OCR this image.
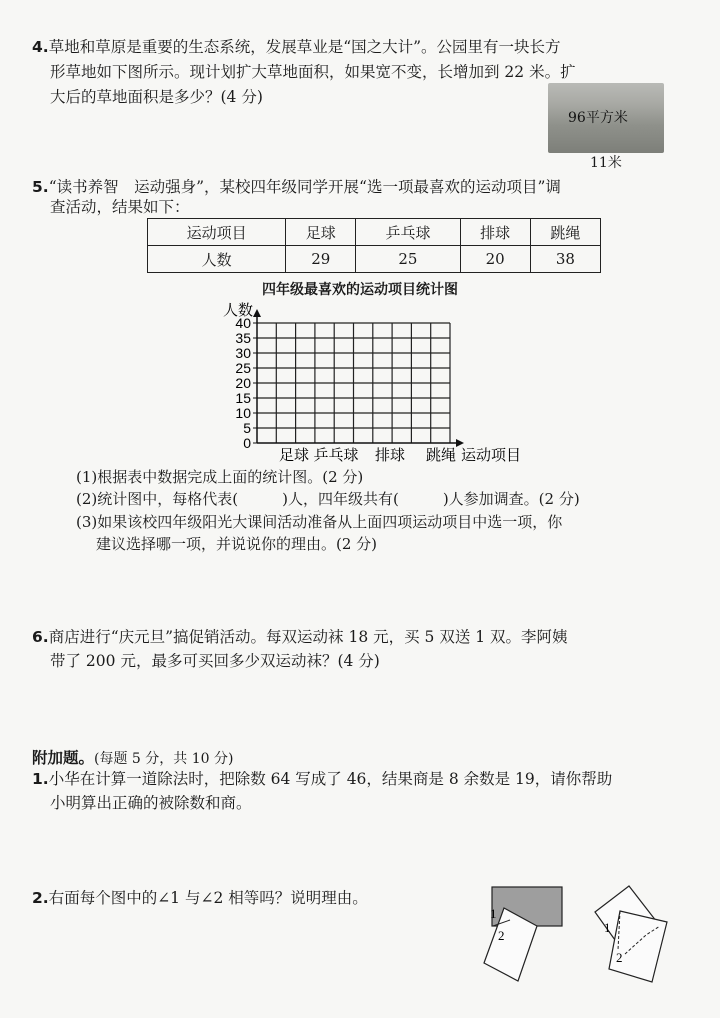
4.草地和草原是重要的生态系统，发展草业是“国之大计”。公园里有一块长方
形草地如下图所示。现计划扩大草地面积，如果宽不变，长增加到 22 米。扩
大后的草地面积是多少？(4 分)
96平方米
11米
5.“读书养智　运动强身”，某校四年级同学开展“选一项最喜欢的运动项目”调
查活动，结果如下：
运动项目	足球	乒乓球	排球	跳绳
人数	29	25	20	38
四年级最喜欢的运动项目统计图
0
5
10
15
20
25
30
35
40
人数
足球 乒乓球 排球 跳绳 运动项目
(1)根据表中数据完成上面的统计图。(2 分)
(2)统计图中，每格代表(	)人，四年级共有(	)人参加调查。(2 分)
(3)如果该校四年级阳光大课间活动准备从上面四项运动项目中选一项，你
建议选择哪一项，并说说你的理由。(2 分)
6.商店进行“庆元旦”搞促销活动。每双运动袜 18 元，买 5 双送 1 双。李阿姨
带了 200 元，最多可买回多少双运动袜？(4 分)
附加题。(每题 5 分，共 10 分)
1.小华在计算一道除法时，把除数 64 写成了 46，结果商是 8 余数是 19，请你帮助
小明算出正确的被除数和商。
2.右面每个图中的∠1 与∠2 相等吗？说明理由。
1
2
1
2
